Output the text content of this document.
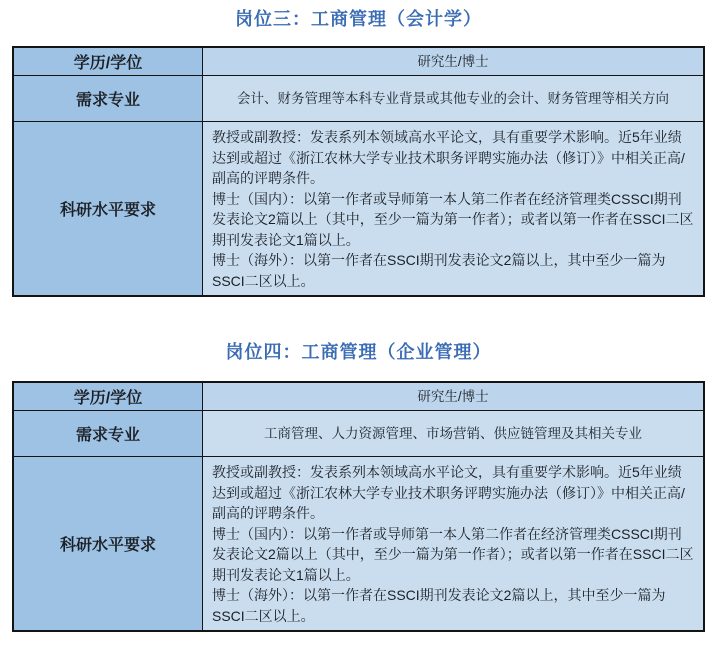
岗位三：工商管理（会计学）
学历/学位	研究生/博士
需求专业	会计、财务管理等本科专业背景或其他专业的会计、财务管理等相关方向
科研水平要求	教授或副教授：发表系列本领域高水平论文，具有重要学术影响。近5年业绩达到或超过《浙江农林大学专业技术职务评聘实施办法（修订）》中相关正高/副高的评聘条件。

博士（国内）：以第一作者或导师第一本人第二作者在经济管理类CSSCI期刊发表论文2篇以上（其中，至少一篇为第一作者）；或者以第一作者在SSCI二区期刊发表论文1篇以上。

博士（海外）：以第一作者在SSCI期刊发表论文2篇以上，其中至少一篇为SSCI二区以上。

岗位四：工商管理（企业管理）
学历/学位	研究生/博士
需求专业	工商管理、人力资源管理、市场营销、供应链管理及其相关专业
科研水平要求	教授或副教授：发表系列本领域高水平论文，具有重要学术影响。近5年业绩达到或超过《浙江农林大学专业技术职务评聘实施办法（修订）》中相关正高/副高的评聘条件。

博士（国内）：以第一作者或导师第一本人第二作者在经济管理类CSSCI期刊发表论文2篇以上（其中，至少一篇为第一作者）；或者以第一作者在SSCI二区期刊发表论文1篇以上。

博士（海外）：以第一作者在SSCI期刊发表论文2篇以上，其中至少一篇为SSCI二区以上。
